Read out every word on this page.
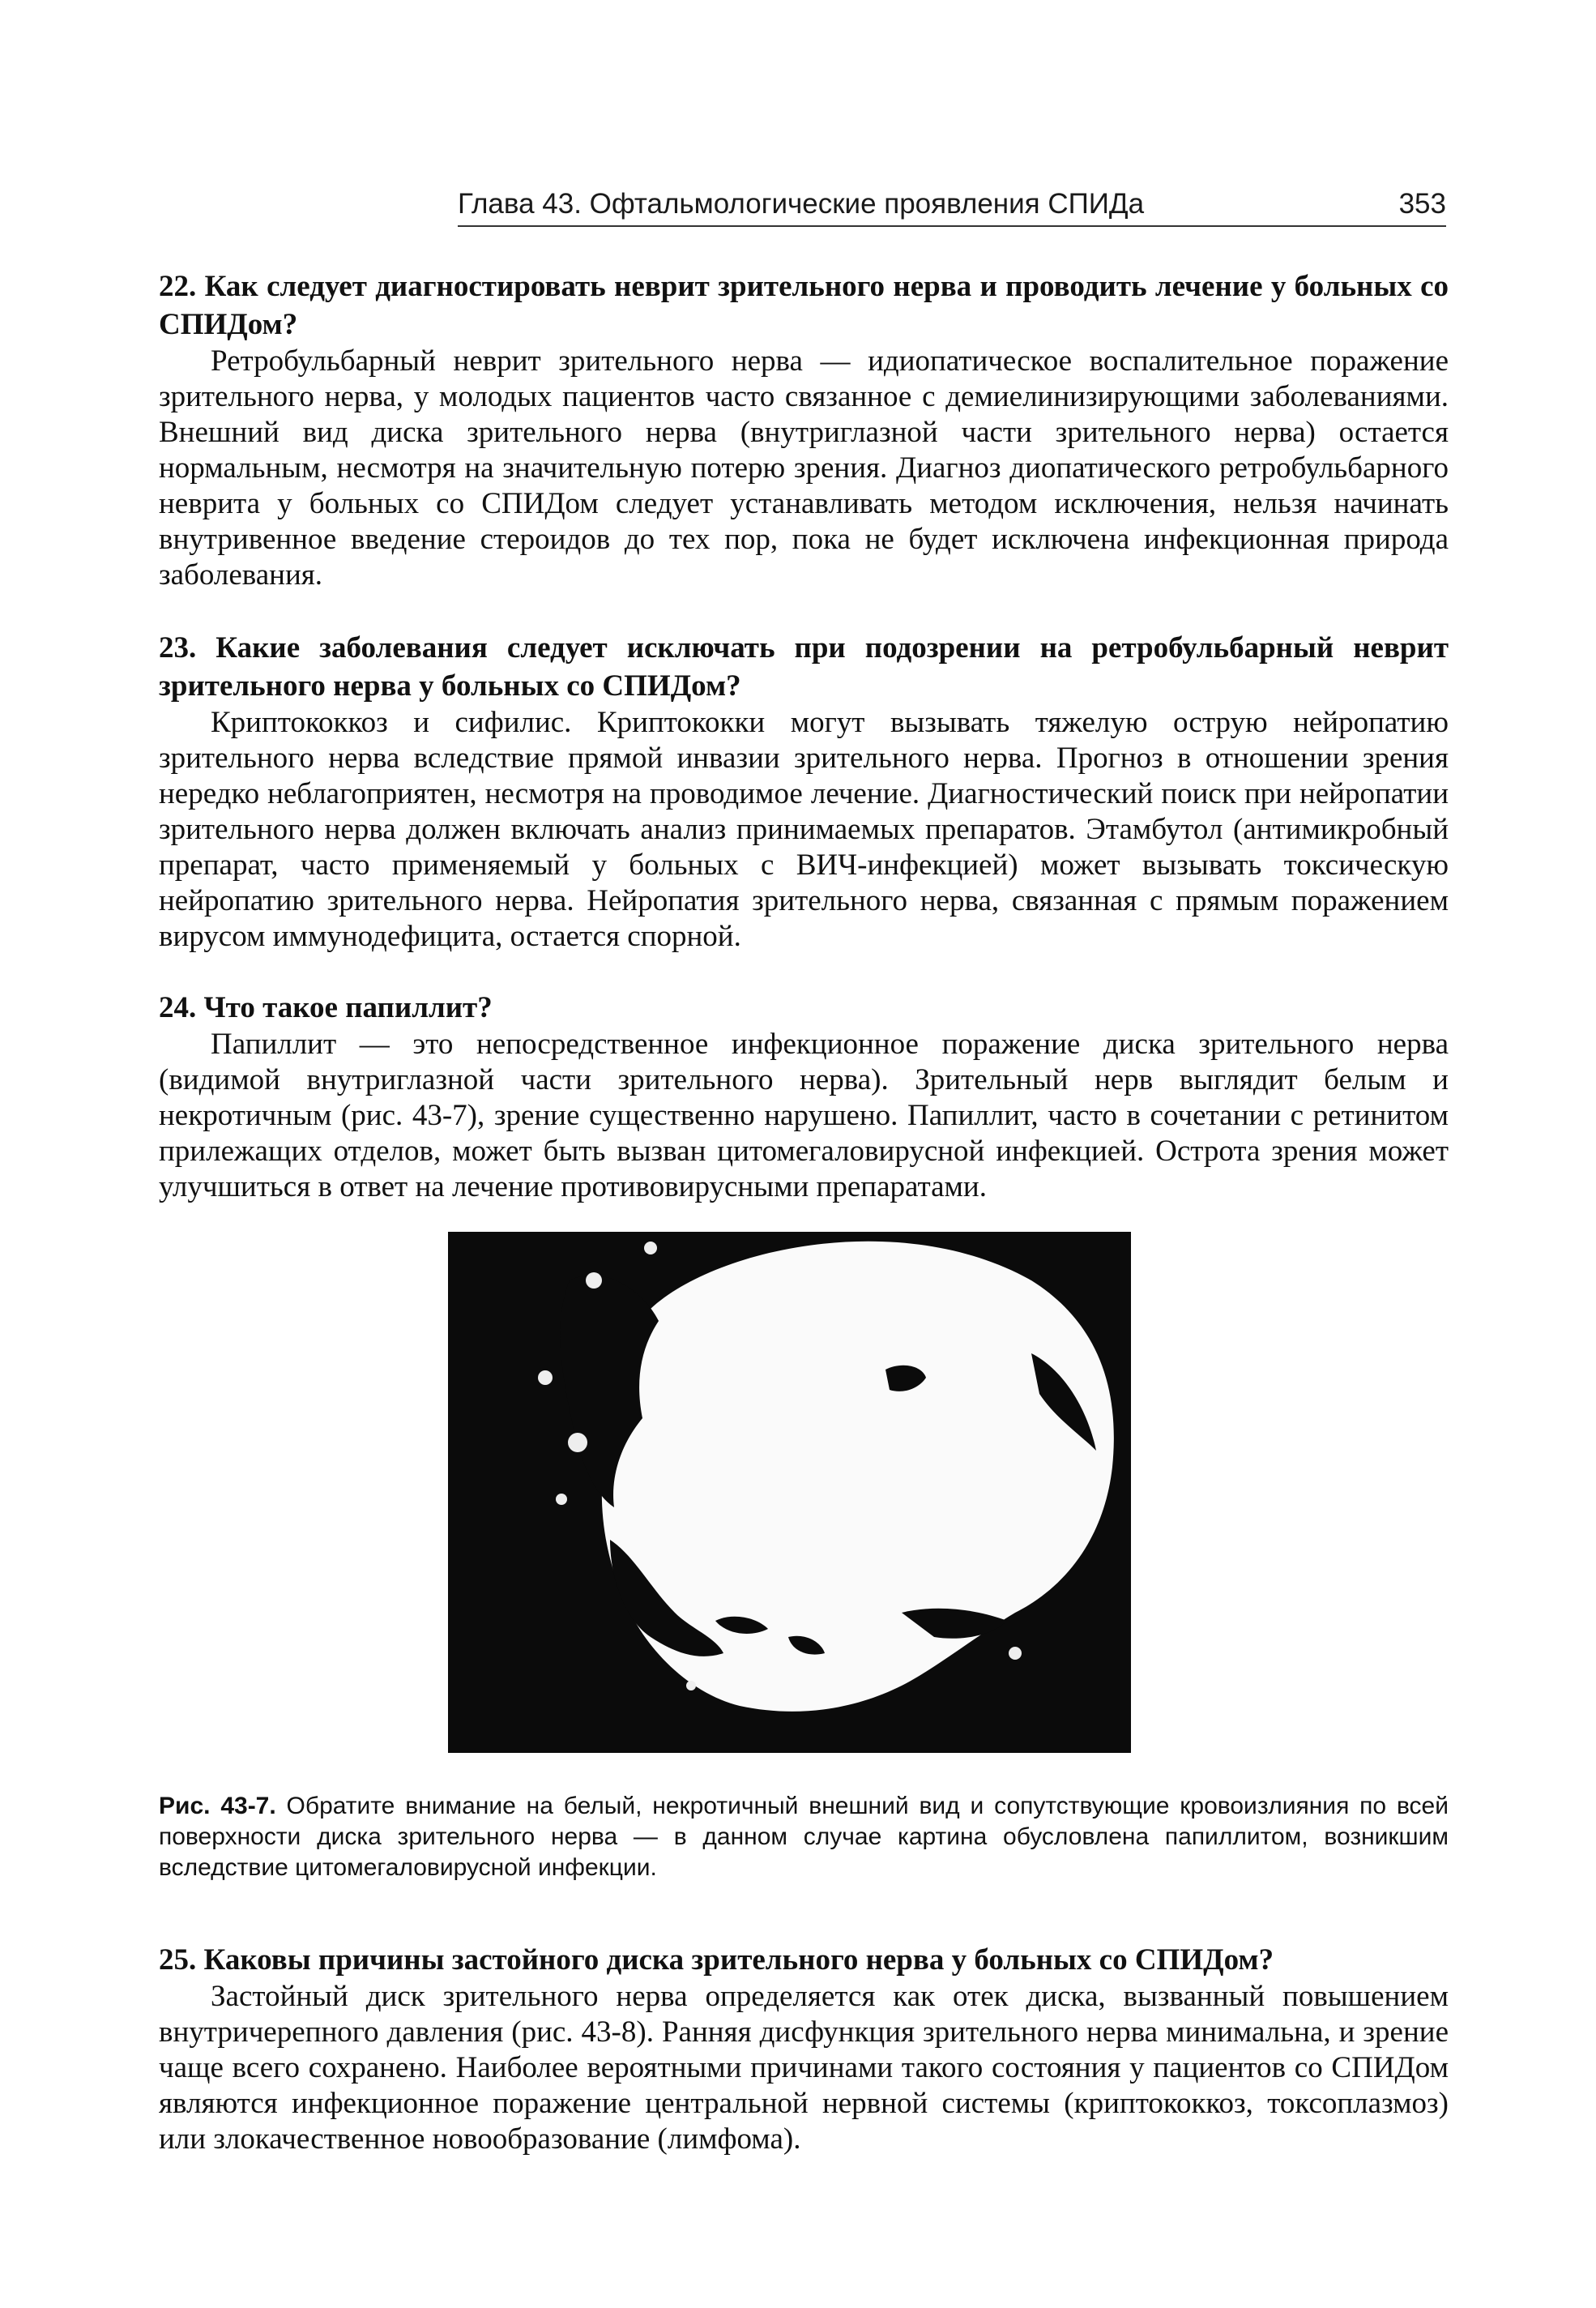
Глава 43. Офтальмологические проявления СПИДа	353

22. Как следует диагностировать неврит зрительного нерва и проводить лечение у больных со СПИДом?

Ретробульбарный неврит зрительного нерва — идиопатическое воспалительное поражение зрительного нерва, у молодых пациентов часто связанное с демиелинизирующими заболеваниями. Внешний вид диска зрительного нерва (внутриглазной части зрительного нерва) остается нормальным, несмотря на значительную потерю зрения. Диагноз диопатического ретробульбарного неврита у больных со СПИДом следует устанавливать методом исключения, нельзя начинать внутривенное введение стероидов до тех пор, пока не будет исключена инфекционная природа заболевания.

23. Какие заболевания следует исключать при подозрении на ретробульбарный неврит зрительного нерва у больных со СПИДом?

Криптококкоз и сифилис. Криптококки могут вызывать тяжелую острую нейропатию зрительного нерва вследствие прямой инвазии зрительного нерва. Прогноз в отношении зрения нередко неблагоприятен, несмотря на проводимое лечение. Диагностический поиск при нейропатии зрительного нерва должен включать анализ принимаемых препаратов. Этамбутол (антимикробный препарат, часто применяемый у больных с ВИЧ-инфекцией) может вызывать токсическую нейропатию зрительного нерва. Нейропатия зрительного нерва, связанная с прямым поражением вирусом иммунодефицита, остается спорной.

24. Что такое папиллит?

Папиллит — это непосредственное инфекционное поражение диска зрительного нерва (видимой внутриглазной части зрительного нерва). Зрительный нерв выглядит белым и некротичным (рис. 43-7), зрение существенно нарушено. Папиллит, часто в сочетании с ретинитом прилежащих отделов, может быть вызван цитомегаловирусной инфекцией. Острота зрения может улучшиться в ответ на лечение противовирусными препаратами.

Рис. 43-7. Обратите внимание на белый, некротичный внешний вид и сопутствующие кровоизлияния по всей поверхности диска зрительного нерва — в данном случае картина обусловлена папиллитом, возникшим вследствие цитомегаловирусной инфекции.

25. Каковы причины застойного диска зрительного нерва у больных со СПИДом?

Застойный диск зрительного нерва определяется как отек диска, вызванный повышением внутричерепного давления (рис. 43-8). Ранняя дисфункция зрительного нерва минимальна, и зрение чаще всего сохранено. Наиболее вероятными причинами такого состояния у пациентов со СПИДом являются инфекционное поражение центральной нервной системы (криптококкоз, токсоплазмоз) или злокачественное новообразование (лимфома).
